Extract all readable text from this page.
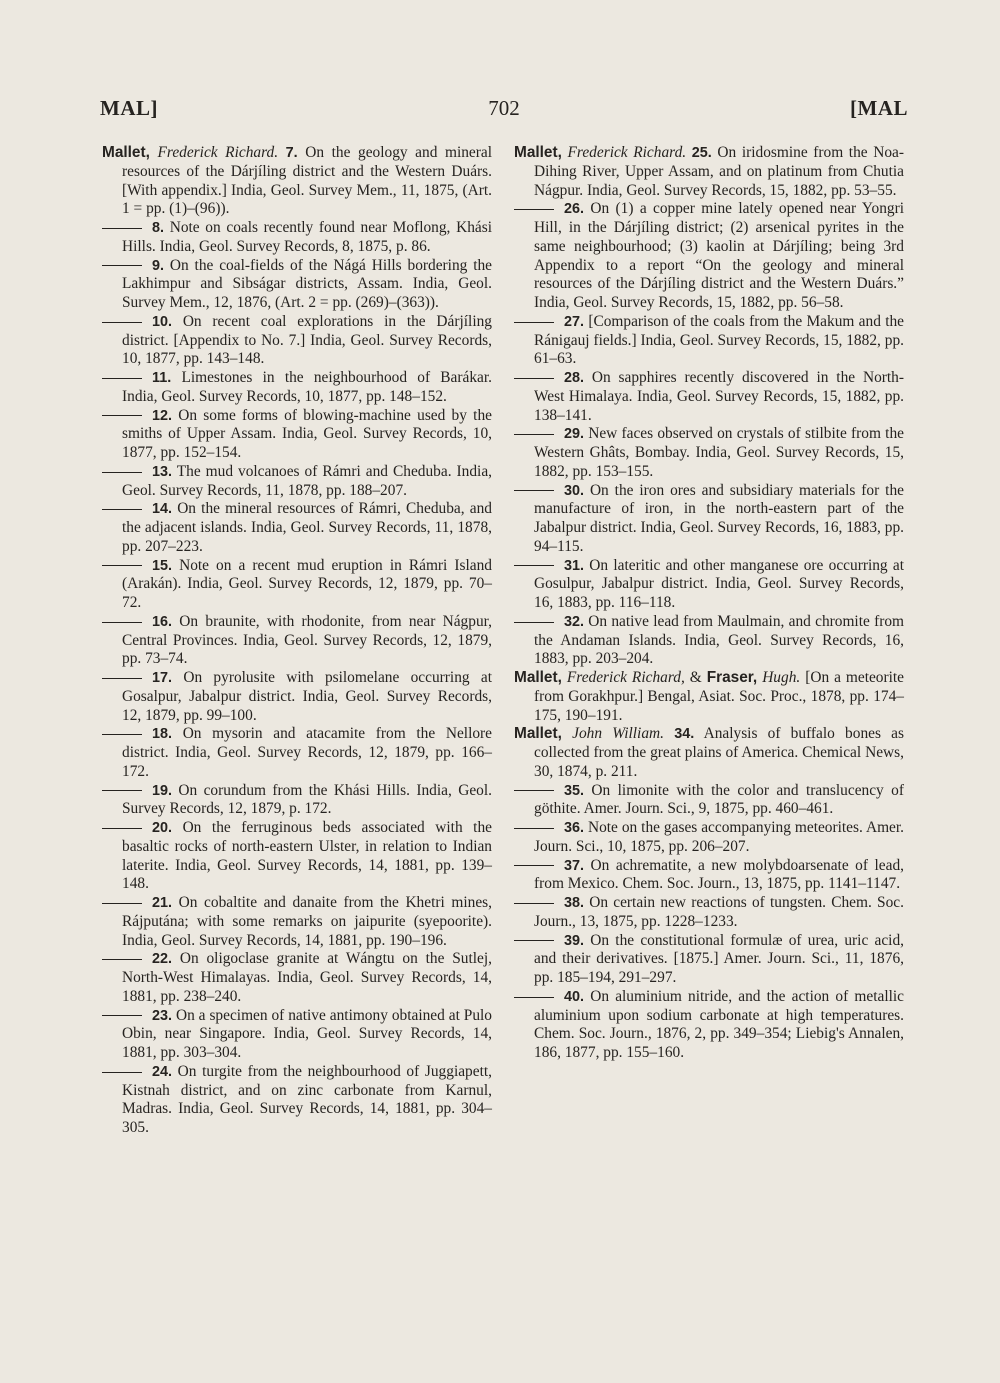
MAL]	702	[MAL

Mallet, Frederick Richard. 7. On the geology and mineral resources of the Dárjíling district and the Western Duárs. [With appendix.] India, Geol. Survey Mem., 11, 1875, (Art. 1 = pp. (1)–(96)).

8. Note on coals recently found near Moflong, Khási Hills. India, Geol. Survey Records, 8, 1875, p. 86.

9. On the coal-fields of the Nágá Hills bordering the Lakhimpur and Sibságar districts, Assam. India, Geol. Survey Mem., 12, 1876, (Art. 2 = pp. (269)–(363)).

10. On recent coal explorations in the Dárjíling district. [Appendix to No. 7.] India, Geol. Survey Records, 10, 1877, pp. 143–148.

11. Limestones in the neighbourhood of Barákar. India, Geol. Survey Records, 10, 1877, pp. 148–152.

12. On some forms of blowing-machine used by the smiths of Upper Assam. India, Geol. Survey Records, 10, 1877, pp. 152–154.

13. The mud volcanoes of Rámri and Cheduba. India, Geol. Survey Records, 11, 1878, pp. 188–207.

14. On the mineral resources of Rámri, Cheduba, and the adjacent islands. India, Geol. Survey Records, 11, 1878, pp. 207–223.

15. Note on a recent mud eruption in Rámri Island (Arakán). India, Geol. Survey Records, 12, 1879, pp. 70–72.

16. On braunite, with rhodonite, from near Nágpur, Central Provinces. India, Geol. Survey Records, 12, 1879, pp. 73–74.

17. On pyrolusite with psilomelane occurring at Gosalpur, Jabalpur district. India, Geol. Survey Records, 12, 1879, pp. 99–100.

18. On mysorin and atacamite from the Nellore district. India, Geol. Survey Records, 12, 1879, pp. 166–172.

19. On corundum from the Khási Hills. India, Geol. Survey Records, 12, 1879, p. 172.

20. On the ferruginous beds associated with the basaltic rocks of north-eastern Ulster, in relation to Indian laterite. India, Geol. Survey Records, 14, 1881, pp. 139–148.

21. On cobaltite and danaite from the Khetri mines, Rájputána; with some remarks on jaipurite (syepoorite). India, Geol. Survey Records, 14, 1881, pp. 190–196.

22. On oligoclase granite at Wángtu on the Sutlej, North-West Himalayas. India, Geol. Survey Records, 14, 1881, pp. 238–240.

23. On a specimen of native antimony obtained at Pulo Obin, near Singapore. India, Geol. Survey Records, 14, 1881, pp. 303–304.

24. On turgite from the neighbourhood of Juggiapett, Kistnah district, and on zinc carbonate from Karnul, Madras. India, Geol. Survey Records, 14, 1881, pp. 304–305.

Mallet, Frederick Richard. 25. On iridosmine from the Noa-Dihing River, Upper Assam, and on platinum from Chutia Nágpur. India, Geol. Survey Records, 15, 1882, pp. 53–55.

26. On (1) a copper mine lately opened near Yongri Hill, in the Dárjíling district; (2) arsenical pyrites in the same neighbourhood; (3) kaolin at Dárjíling; being 3rd Appendix to a report “On the geology and mineral resources of the Dárjíling district and the Western Duárs.” India, Geol. Survey Records, 15, 1882, pp. 56–58.

27. [Comparison of the coals from the Makum and the Ránigauj fields.] India, Geol. Survey Records, 15, 1882, pp. 61–63.

28. On sapphires recently discovered in the North-West Himalaya. India, Geol. Survey Records, 15, 1882, pp. 138–141.

29. New faces observed on crystals of stilbite from the Western Ghâts, Bombay. India, Geol. Survey Records, 15, 1882, pp. 153–155.

30. On the iron ores and subsidiary materials for the manufacture of iron, in the north-eastern part of the Jabalpur district. India, Geol. Survey Records, 16, 1883, pp. 94–115.

31. On lateritic and other manganese ore occurring at Gosulpur, Jabalpur district. India, Geol. Survey Records, 16, 1883, pp. 116–118.

32. On native lead from Maulmain, and chromite from the Andaman Islands. India, Geol. Survey Records, 16, 1883, pp. 203–204.

Mallet, Frederick Richard, & Fraser, Hugh. [On a meteorite from Gorakhpur.] Bengal, Asiat. Soc. Proc., 1878, pp. 174–175, 190–191.

Mallet, John William. 34. Analysis of buffalo bones as collected from the great plains of America. Chemical News, 30, 1874, p. 211.

35. On limonite with the color and translucency of göthite. Amer. Journ. Sci., 9, 1875, pp. 460–461.

36. Note on the gases accompanying meteorites. Amer. Journ. Sci., 10, 1875, pp. 206–207.

37. On achrematite, a new molybdoarsenate of lead, from Mexico. Chem. Soc. Journ., 13, 1875, pp. 1141–1147.

38. On certain new reactions of tungsten. Chem. Soc. Journ., 13, 1875, pp. 1228–1233.

39. On the constitutional formulæ of urea, uric acid, and their derivatives. [1875.] Amer. Journ. Sci., 11, 1876, pp. 185–194, 291–297.

40. On aluminium nitride, and the action of metallic aluminium upon sodium carbonate at high temperatures. Chem. Soc. Journ., 1876, 2, pp. 349–354; Liebig's Annalen, 186, 1877, pp. 155–160.
